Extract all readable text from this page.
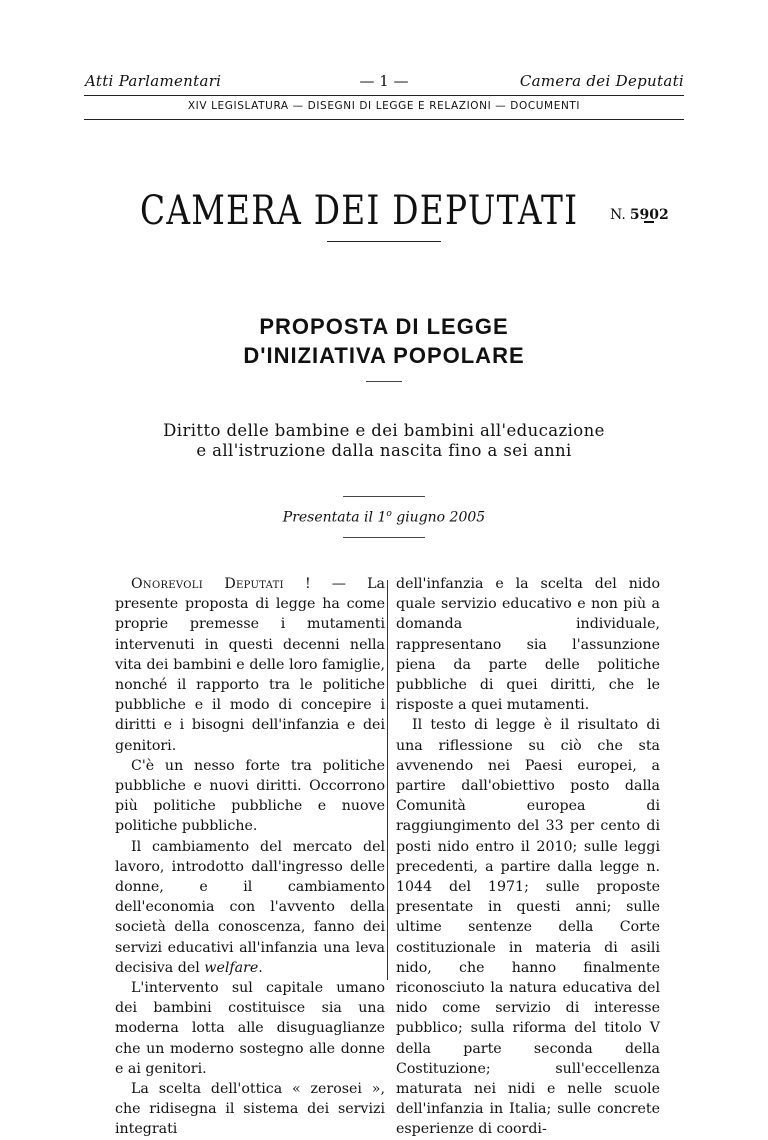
Atti Parlamentari	— 1 —	Camera dei Deputati
XIV LEGISLATURA — DISEGNI DI LEGGE E RELAZIONI — DOCUMENTI
CAMERA DEI DEPUTATI N. 5902
PROPOSTA DI LEGGE
D'INIZIATIVA POPOLARE
Diritto delle bambine e dei bambini all'educazione
e all'istruzione dalla nascita fino a sei anni
Presentata il 1$^o$ giugno 2005

Onorevoli Deputati ! — La presente proposta di legge ha come proprie premesse i mutamenti intervenuti in questi decenni nella vita dei bambini e delle loro famiglie, nonché il rapporto tra le politiche pubbliche e il modo di concepire i diritti e i bisogni dell'infanzia e dei genitori.

C'è un nesso forte tra politiche pubbliche e nuovi diritti. Occorrono più politiche pubbliche e nuove politiche pubbliche.

Il cambiamento del mercato del lavoro, introdotto dall'ingresso delle donne, e il cambiamento dell'economia con l'avvento della società della conoscenza, fanno dei servizi educativi all'infanzia una leva decisiva del welfare.

L'intervento sul capitale umano dei bambini costituisce sia una moderna lotta alle disuguaglianze che un moderno sostegno alle donne e ai genitori.

La scelta dell'ottica « zerosei », che ridisegna il sistema dei servizi integrati

dell'infanzia e la scelta del nido quale servizio educativo e non più a domanda individuale, rappresentano sia l'assunzione piena da parte delle politiche pubbliche di quei diritti, che le risposte a quei mutamenti.

Il testo di legge è il risultato di una riflessione su ciò che sta avvenendo nei Paesi europei, a partire dall'obiettivo posto dalla Comunità europea di raggiungimento del 33 per cento di posti nido entro il 2010; sulle leggi precedenti, a partire dalla legge n. 1044 del 1971; sulle proposte presentate in questi anni; sulle ultime sentenze della Corte costituzionale in materia di asili nido, che hanno finalmente riconosciuto la natura educativa del nido come servizio di interesse pubblico; sulla riforma del titolo V della parte seconda della Costituzione; sull'eccellenza maturata nei nidi e nelle scuole dell'infanzia in Italia; sulle concrete esperienze di coordi-
